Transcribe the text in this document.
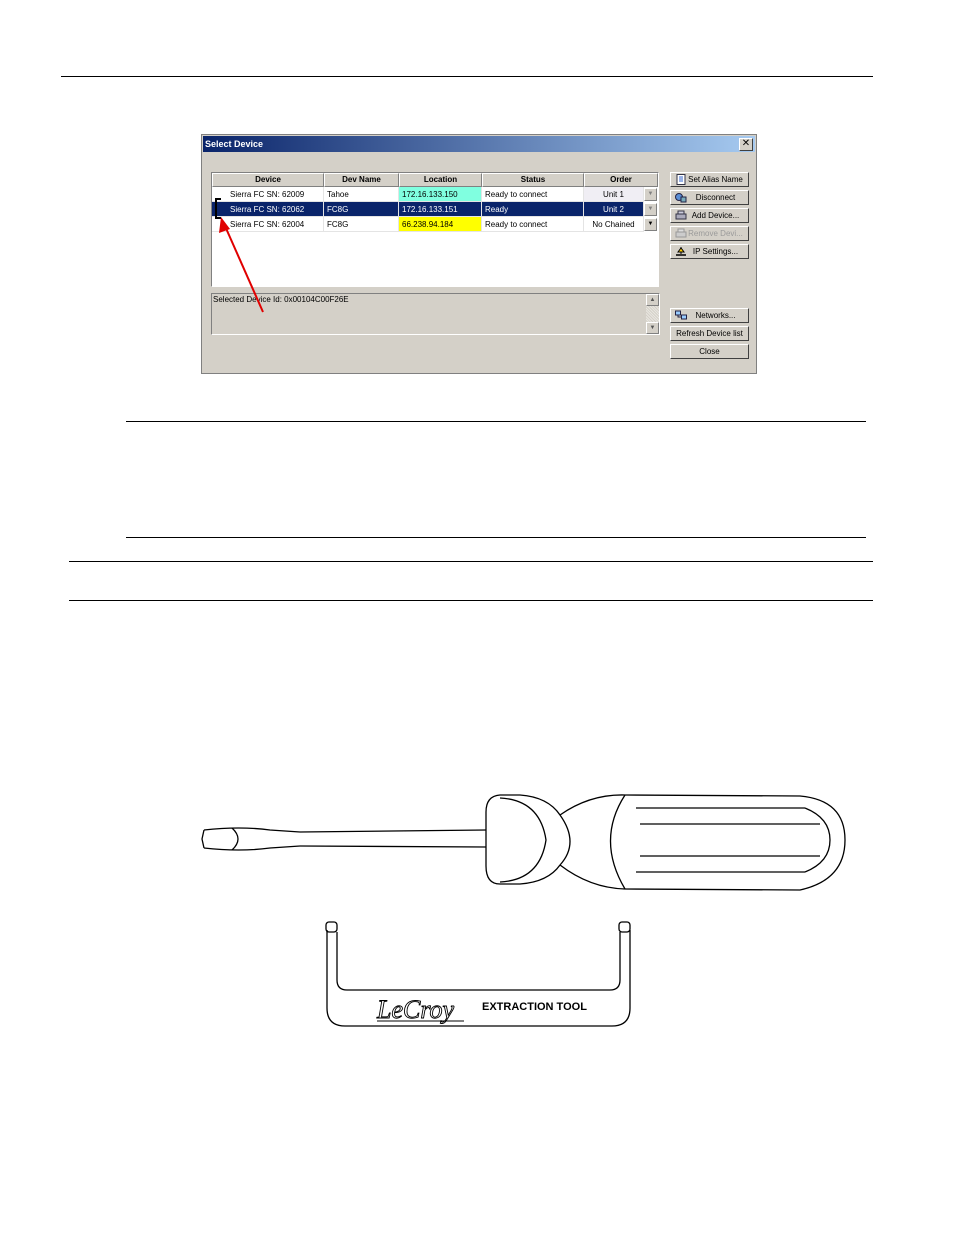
Select Device	✕
Device	Dev Name	Location	Status	Order
Sierra FC SN: 62009	Tahoe	172.16.133.150	Ready to connect	Unit 1	▼
Sierra FC SN: 62062	FC8G	172.16.133.151	Ready	Unit 2	▼
Sierra FC SN: 62004	FC8G	66.238.94.184	Ready to connect	No Chained	▼
Selected Device Id: 0x00104C00F26E	▲
▼
Set Alias Name
Disconnect
Add Device...
Remove Devi...
IP Settings...
Networks...
Refresh Device list
Close
LeCroy	EXTRACTION TOOL
